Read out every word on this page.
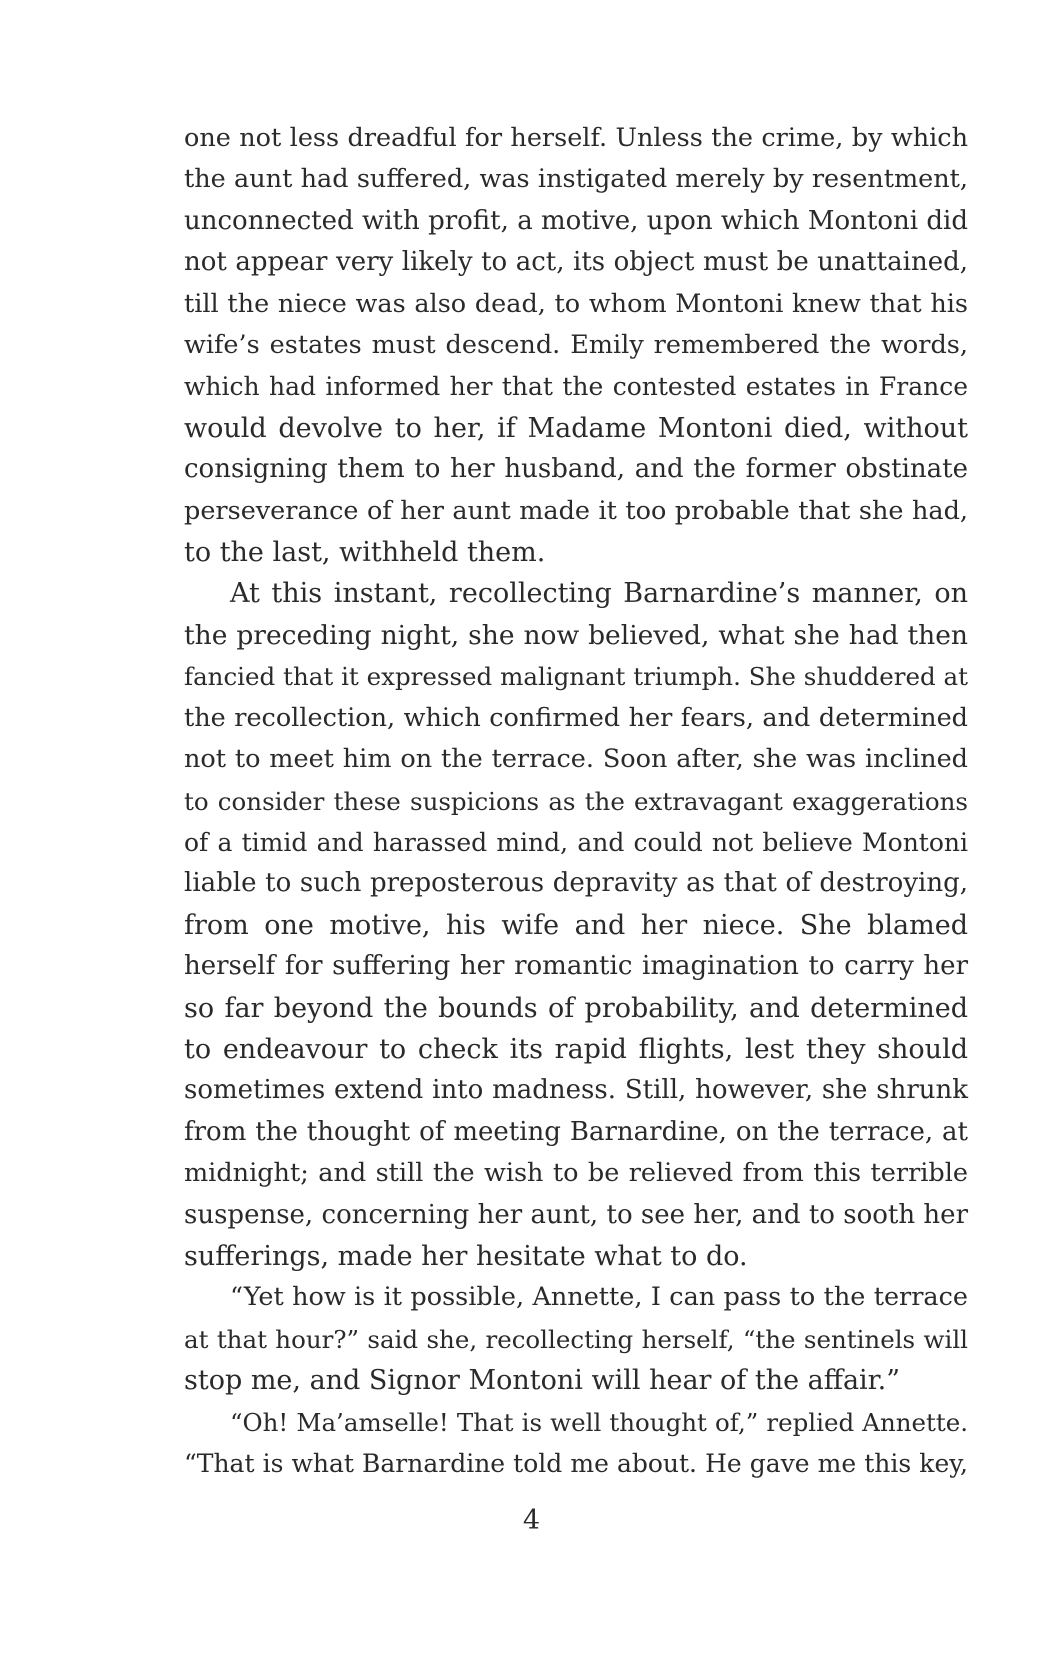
one not less dreadful for herself. Unless the crime, by which
the aunt had suffered, was instigated merely by resentment,
unconnected with profit, a motive, upon which Montoni did
not appear very likely to act, its object must be unattained,
till the niece was also dead, to whom Montoni knew that his
wife’s estates must descend. Emily remembered the words,
which had informed her that the contested estates in France
would devolve to her, if Madame Montoni died, without
consigning them to her husband, and the former obstinate
perseverance of her aunt made it too probable that she had,
to the last, withheld them.
At this instant, recollecting Barnardine’s manner, on
the preceding night, she now believed, what she had then
fancied that it expressed malignant triumph. She shuddered at
the recollection, which confirmed her fears, and determined
not to meet him on the terrace. Soon after, she was inclined
to consider these suspicions as the extravagant exaggerations
of a timid and harassed mind, and could not believe Montoni
liable to such preposterous depravity as that of destroying,
from one motive, his wife and her niece. She blamed
herself for suffering her romantic imagination to carry her
so far beyond the bounds of probability, and determined
to endeavour to check its rapid flights, lest they should
sometimes extend into madness. Still, however, she shrunk
from the thought of meeting Barnardine, on the terrace, at
midnight; and still the wish to be relieved from this terrible
suspense, concerning her aunt, to see her, and to sooth her
sufferings, made her hesitate what to do.
“Yet how is it possible, Annette, I can pass to the terrace
at that hour?” said she, recollecting herself, “the sentinels will
stop me, and Signor Montoni will hear of the affair.”
“Oh! Ma’amselle! That is well thought of,” replied Annette.
“That is what Barnardine told me about. He gave me this key,
4
